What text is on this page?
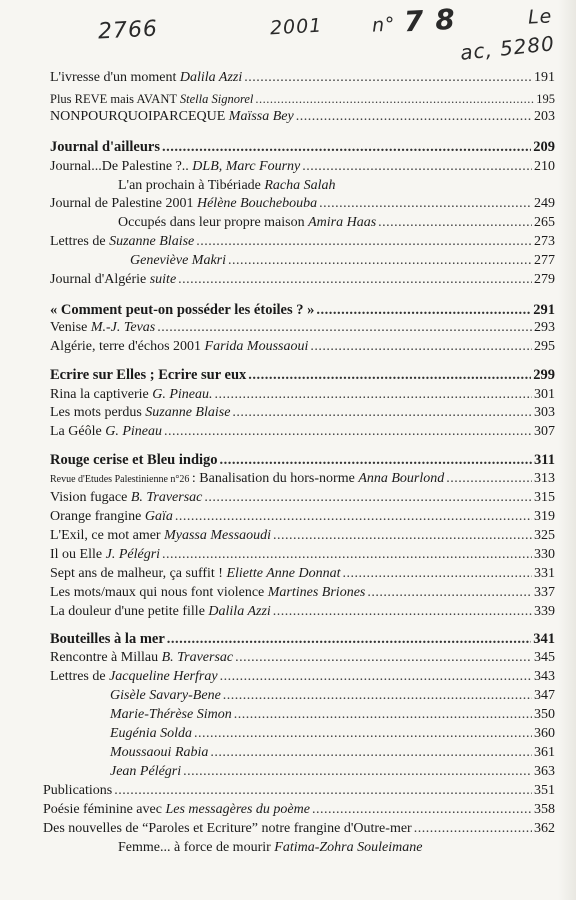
2766	2001	n° 7 8	Le
ac, 5280
L'ivresse d'un moment Dalila Azzi .....	191
Plus REVE mais AVANT Stella Signorel .....	195
NONPOURQUOIPARCEQUE Maïssa Bey .....	203
Journal d'ailleurs .....	209
Journal...De Palestine ?.. DLB, Marc Fourny .....	210
L'an prochain à Tibériade Racha Salah
Journal de Palestine 2001 Hélène Bouchebouba .....	249
Occupés dans leur propre maison Amira Haas .....	265
Lettres de Suzanne Blaise .....	273
Geneviève Makri .....	277
Journal d'Algérie suite .....	279
« Comment peut-on posséder les étoiles ? » .....	291
Venise M.-J. Tevas .....	293
Algérie, terre d'échos 2001 Farida Moussaoui .....	295
Ecrire sur Elles ; Ecrire sur eux .....	299
Rina la captiverie G. Pineau. .....	301
Les mots perdus Suzanne Blaise .....	303
La Géôle G. Pineau .....	307
Rouge cerise et Bleu indigo .....	311
Revue d'Etudes Palestinienne n°26 : Banalisation du hors-norme Anna Bourlond .....	313
Vision fugace B. Traversac .....	315
Orange frangine Gaïa .....	319
L'Exil, ce mot amer Myassa Messaoudi .....	325
Il ou Elle J. Pélégri .....	330
Sept ans de malheur, ça suffit ! Eliette Anne Donnat .....	331
Les mots/maux qui nous font violence Martines Briones .....	337
La douleur d'une petite fille Dalila Azzi .....	339
Bouteilles à la mer .....	341
Rencontre à Millau B. Traversac .....	345
Lettres de Jacqueline Herfray .....	343
Gisèle Savary-Bene .....	347
Marie-Thérèse Simon .....	350
Eugénia Solda .....	360
Moussaoui Rabia .....	361
Jean Pélégri .....	363
Publications .....	351
Poésie féminine avec Les messagères du poème .....	358
Des nouvelles de “Paroles et Ecriture” notre frangine d'Outre-mer .....	362
Femme... à force de mourir Fatima-Zohra Souleimane
